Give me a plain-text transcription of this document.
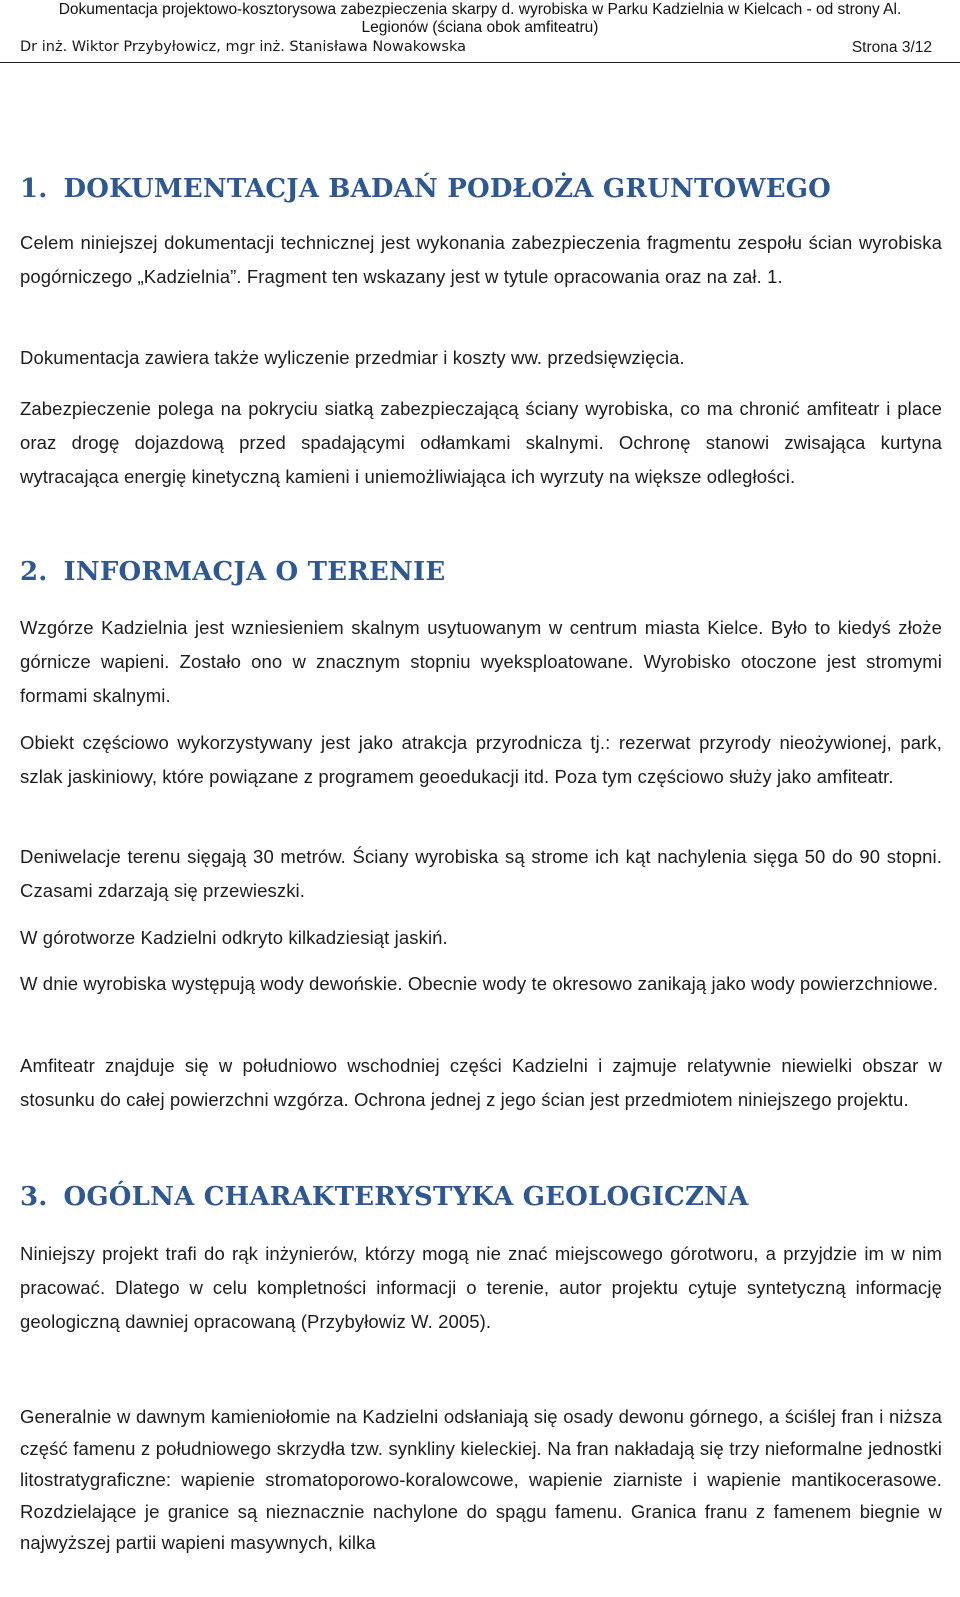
Dokumentacja projektowo-kosztorysowa zabezpieczenia skarpy d. wyrobiska w Parku Kadzielnia w Kielcach - od strony Al.
Legionów (ściana obok amfiteatru)
Dr inż. Wiktor Przybyłowicz, mgr inż. Stanisława Nowakowska	Strona 3/12
1. DOKUMENTACJA BADAŃ PODŁOŻA GRUNTOWEGO
Celem niniejszej dokumentacji technicznej jest wykonania zabezpieczenia fragmentu zespołu ścian wyrobiska pogórniczego „Kadzielnia”. Fragment ten wskazany jest w tytule opracowania oraz na zał. 1.
Dokumentacja zawiera także wyliczenie przedmiar i koszty ww. przedsięwzięcia.
Zabezpieczenie polega na pokryciu siatką zabezpieczającą ściany wyrobiska, co ma chronić amfiteatr i place oraz drogę dojazdową przed spadającymi odłamkami skalnymi. Ochronę stanowi zwisająca kurtyna wytracająca energię kinetyczną kamieni i uniemożliwiająca ich wyrzuty na większe odległości.
2. INFORMACJA O TERENIE
Wzgórze Kadzielnia jest wzniesieniem skalnym usytuowanym w centrum miasta Kielce. Było to kiedyś złoże górnicze wapieni. Zostało ono w znacznym stopniu wyeksploatowane. Wyrobisko otoczone jest stromymi formami skalnymi.
Obiekt częściowo wykorzystywany jest jako atrakcja przyrodnicza tj.: rezerwat przyrody nieożywionej, park, szlak jaskiniowy, które powiązane z programem geoedukacji itd. Poza tym częściowo służy jako amfiteatr.
Deniwelacje terenu sięgają 30 metrów. Ściany wyrobiska są strome ich kąt nachylenia sięga 50 do 90 stopni. Czasami zdarzają się przewieszki.
W górotworze Kadzielni odkryto kilkadziesiąt jaskiń.
W dnie wyrobiska występują wody dewońskie. Obecnie wody te okresowo zanikają jako wody powierzchniowe.
Amfiteatr znajduje się w południowo wschodniej części Kadzielni i zajmuje relatywnie niewielki obszar w stosunku do całej powierzchni wzgórza. Ochrona jednej z jego ścian jest przedmiotem niniejszego projektu.
3. OGÓLNA CHARAKTERYSTYKA GEOLOGICZNA
Niniejszy projekt trafi do rąk inżynierów, którzy mogą nie znać miejscowego górotworu, a przyjdzie im w nim pracować. Dlatego w celu kompletności informacji o terenie, autor projektu cytuje syntetyczną informację geologiczną dawniej opracowaną (Przybyłowiz W. 2005).
Generalnie w dawnym kamieniołomie na Kadzielni odsłaniają się osady dewonu górnego, a ściślej fran i niższa część famenu z południowego skrzydła tzw. synkliny kieleckiej. Na fran nakładają się trzy nieformalne jednostki litostratygraficzne: wapienie stromatoporowo-koralowcowe, wapienie ziarniste i wapienie mantikocerasowe. Rozdzielające je granice są nieznacznie nachylone do spągu famenu. Granica franu z famenem biegnie w najwyższej partii wapieni masywnych, kilka
